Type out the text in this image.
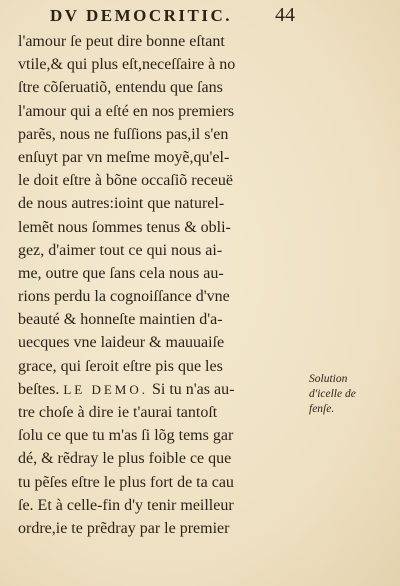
DV DEMOCRITIC. 44
l'amour ſe peut dire bonne eſtant
vtile,& qui plus eſt,neceſſaire à no
ſtre cõſeruatiõ, entendu que ſans
l'amour qui a eſté en nos premiers
parẽs, nous ne fuſſions pas,il s'en
enſuyt par vn meſme moyẽ,qu'el-
le doit eſtre à bõne occaſiõ receuë
de nous autres:ioint que naturel-
lemẽt nous ſommes tenus & obli-
gez, d'aimer tout ce qui nous ai-
me, outre que ſans cela nous au-
rions perdu la cognoiſſance d'vne
beauté & honneſte maintien d'a-
uecques vne laideur & mauuaiſe
grace, qui ſeroit eſtre pis que les
beſtes. LE DEMO. Si tu n'as au-
tre choſe à dire ie t'aurai tantoſt
ſolu ce que tu m'as ſi lõg tems gar
dé, & rẽdray le plus foible ce que
tu pẽſes eſtre le plus fort de ta cau
ſe. Et à celle-fin d'y tenir meilleur
ordre,ie te prẽdray par le premier
Solution
d'icelle de
fenſe.
